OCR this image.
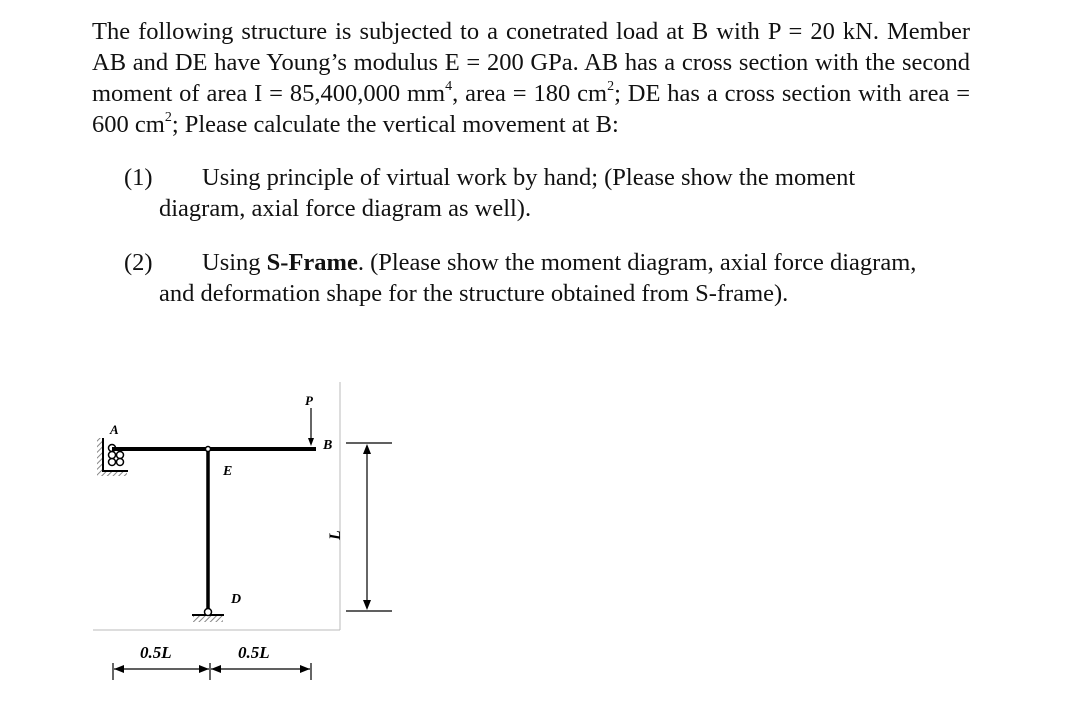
The following structure is subjected to a conetrated load at B with P = 20 kN. Member AB and DE have Young’s modulus E = 200 GPa. AB has a cross section with the second moment of area I = 85,400,000 $mm^4$, area = 180 $cm^2$; DE has a cross section with area = 600 $cm^2$; Please calculate the vertical movement at B:
(1) Using principle of virtual work by hand; (Please show the moment
diagram, axial force diagram as well).
(2) Using S-Frame. (Please show the moment diagram, axial force diagram,
and deformation shape for the structure obtained from S-frame).
A
B
E
D
P
L
0.5L	0.5L
